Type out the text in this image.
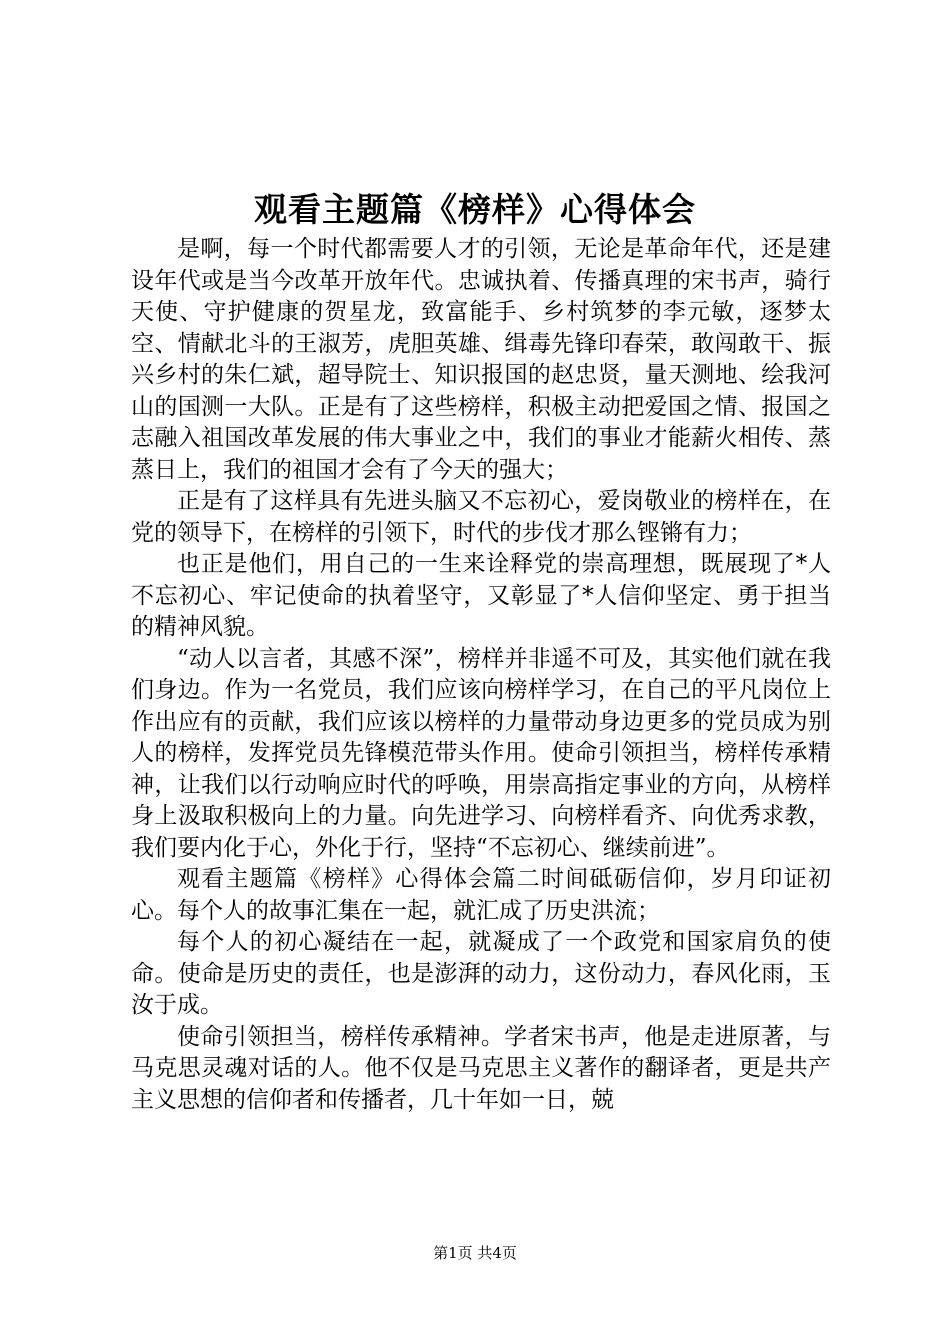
观看主题篇《榜样》心得体会

是啊，每一个时代都需要人才的引领，无论是革命年代，还是建设年代或是当今改革开放年代。忠诚执着、传播真理的宋书声，骑行天使、守护健康的贺星龙，致富能手、乡村筑梦的李元敏，逐梦太空、情献北斗的王淑芳，虎胆英雄、缉毒先锋印春荣，敢闯敢干、振兴乡村的朱仁斌，超导院士、知识报国的赵忠贤，量天测地、绘我河山的国测一大队。正是有了这些榜样，积极主动把爱国之情、报国之志融入祖国改革发展的伟大事业之中，我们的事业才能薪火相传、蒸蒸日上，我们的祖国才会有了今天的强大；

正是有了这样具有先进头脑又不忘初心，爱岗敬业的榜样在，在党的领导下，在榜样的引领下，时代的步伐才那么铿锵有力；

也正是他们，用自己的一生来诠释党的崇高理想，既展现了*人不忘初心、牢记使命的执着坚守，又彰显了*人信仰坚定、勇于担当的精神风貌。

“动人以言者，其感不深”，榜样并非遥不可及，其实他们就在我们身边。作为一名党员，我们应该向榜样学习，在自己的平凡岗位上作出应有的贡献，我们应该以榜样的力量带动身边更多的党员成为别人的榜样，发挥党员先锋模范带头作用。使命引领担当，榜样传承精神，让我们以行动响应时代的呼唤，用崇高指定事业的方向，从榜样身上汲取积极向上的力量。向先进学习、向榜样看齐、向优秀求教，我们要内化于心，外化于行，坚持“不忘初心、继续前进”。

观看主题篇《榜样》心得体会篇二时间砥砺信仰，岁月印证初心。每个人的故事汇集在一起，就汇成了历史洪流；

每个人的初心凝结在一起，就凝成了一个政党和国家肩负的使命。使命是历史的责任，也是澎湃的动力，这份动力，春风化雨，玉汝于成。

使命引领担当，榜样传承精神。学者宋书声，他是走进原著，与马克思灵魂对话的人。他不仅是马克思主义著作的翻译者，更是共产主义思想的信仰者和传播者，几十年如一日，兢

第1页 共4页
